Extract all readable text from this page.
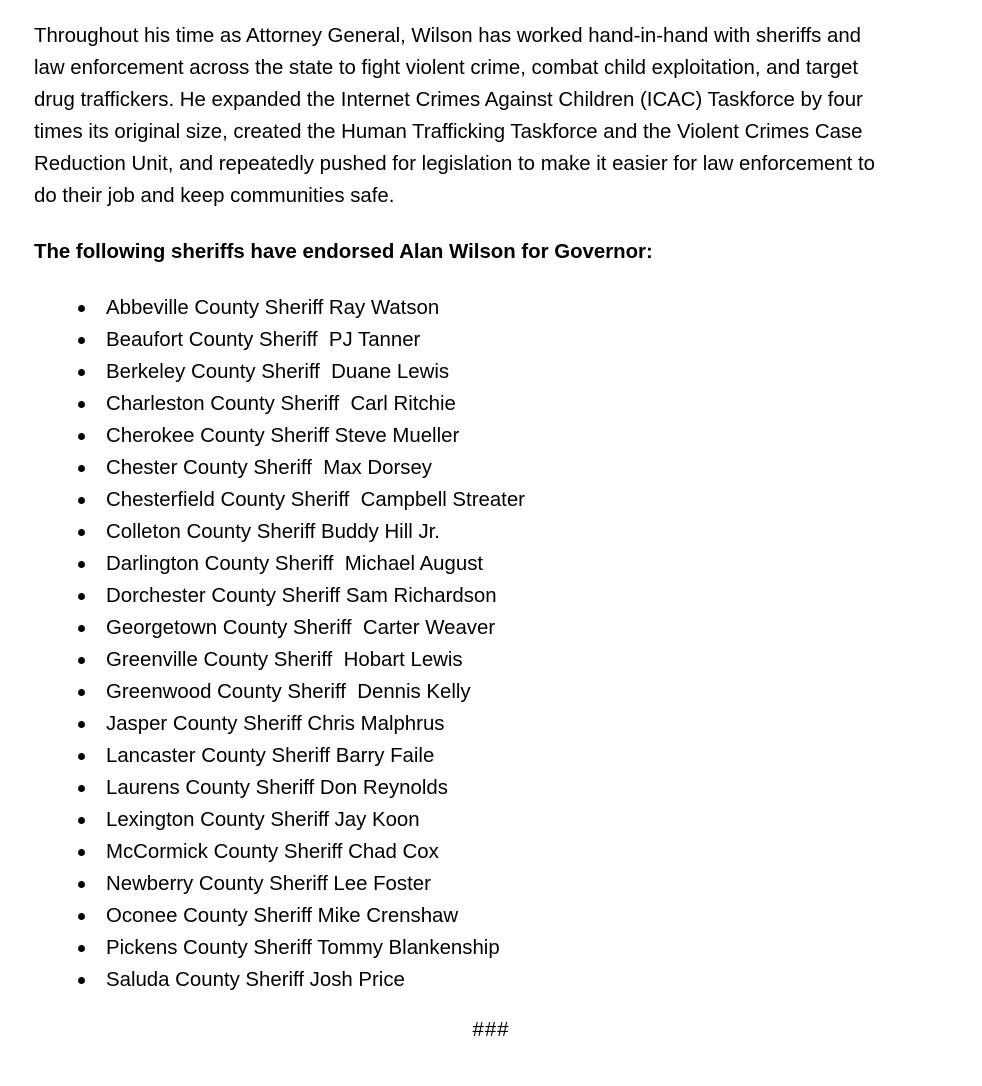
Throughout his time as Attorney General, Wilson has worked hand-in-hand with sheriffs and
law enforcement across the state to fight violent crime, combat child exploitation, and target
drug traffickers. He expanded the Internet Crimes Against Children (ICAC) Taskforce by four
times its original size, created the Human Trafficking Taskforce and the Violent Crimes Case
Reduction Unit, and repeatedly pushed for legislation to make it easier for law enforcement to
do their job and keep communities safe.

The following sheriffs have endorsed Alan Wilson for Governor:

Abbeville County Sheriff Ray Watson
Beaufort County Sheriff  PJ Tanner
Berkeley County Sheriff  Duane Lewis
Charleston County Sheriff  Carl Ritchie
Cherokee County Sheriff Steve Mueller
Chester County Sheriff  Max Dorsey
Chesterfield County Sheriff  Campbell Streater
Colleton County Sheriff Buddy Hill Jr.
Darlington County Sheriff  Michael August
Dorchester County Sheriff Sam Richardson
Georgetown County Sheriff  Carter Weaver
Greenville County Sheriff  Hobart Lewis
Greenwood County Sheriff  Dennis Kelly
Jasper County Sheriff Chris Malphrus
Lancaster County Sheriff Barry Faile
Laurens County Sheriff Don Reynolds
Lexington County Sheriff Jay Koon
McCormick County Sheriff Chad Cox
Newberry County Sheriff Lee Foster
Oconee County Sheriff Mike Crenshaw
Pickens County Sheriff Tommy Blankenship
Saluda County Sheriff Josh Price
###
